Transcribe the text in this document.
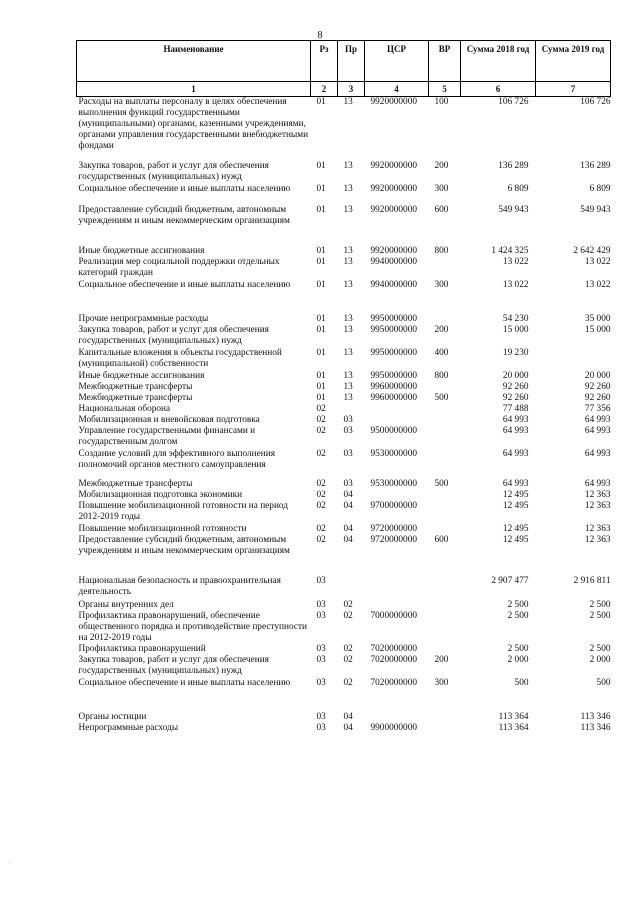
8
Наименование	Рз	Пр	ЦСР	ВР	Сумма 2018 год	Сумма 2019 год
1	2	3	4	5	6	7
Расходы на выплаты персоналу в целях обеспечения выполнения функций государственными (муниципальными) органами, казенными учреждениями, органами управления государственными внебюджетными фондами	01	13	9920000000	100	106 726	106 726
Закупка товаров, работ и услуг для обеспечения государственных (муниципальных) нужд	01	13	9920000000	200	136 289	136 289
Социальное обеспечение и иные выплаты населению	01	13	9920000000	300	6 809	6 809
Предоставление субсидий бюджетным, автономным учреждениям и иным некоммерческим организациям	01	13	9920000000	600	549 943	549 943
Иные бюджетные ассигнования	01	13	9920000000	800	1 424 325	2 642 429
Реализация мер социальной поддержки отдельных категорий граждан	01	13	9940000000		13 022	13 022
Социальное обеспечение и иные выплаты населению	01	13	9940000000	300	13 022	13 022
Прочие непрограммные расходы	01	13	9950000000		54 230	35 000
Закупка товаров, работ и услуг для обеспечения государственных (муниципальных) нужд	01	13	9950000000	200	15 000	15 000
Капитальные вложения в объекты государственной (муниципальной) собственности	01	13	9950000000	400	19 230	
Иные бюджетные ассигнования	01	13	9950000000	800	20 000	20 000
Межбюджетные трансферты	01	13	9960000000		92 260	92 260
Межбюджетные трансферты	01	13	9960000000	500	92 260	92 260
Национальная оборона	02				77 488	77 356
Мобилизационная и вневойсковая подготовка	02	03			64 993	64 993
Управление государственными финансами и государственным долгом	02	03	9500000000		64 993	64 993
Создание условий для эффективного выполнения полномочий органов местного самоуправления	02	03	9530000000		64 993	64 993
Межбюджетные трансферты	02	03	9530000000	500	64 993	64 993
Мобилизационная подготовка экономики	02	04			12 495	12 363
Повышение мобилизационной готовности на период 2012-2019 годы	02	04	9700000000		12 495	12 363
Повышение мобилизационной готовности	02	04	9720000000		12 495	12 363
Предоставление субсидий бюджетным, автономным учреждениям и иным некоммерческим организациям	02	04	9720000000	600	12 495	12 363
Национальная безопасность и правоохранительная деятельность	03				2 907 477	2 916 811
Органы внутренних дел	03	02			2 500	2 500
Профилактика правонарушений, обеспечение общественного порядка и противодействие преступности на 2012-2019 годы	03	02	7000000000		2 500	2 500
Профилактика правонарушений	03	02	7020000000		2 500	2 500
Закупка товаров, работ и услуг для обеспечения государственных (муниципальных) нужд	03	02	7020000000	200	2 000	2 000
Социальное обеспечение и иные выплаты населению	03	02	7020000000	300	500	500
Органы юстиции	03	04			113 364	113 346
Непрограммные расходы	03	04	9900000000		113 364	113 346
·
